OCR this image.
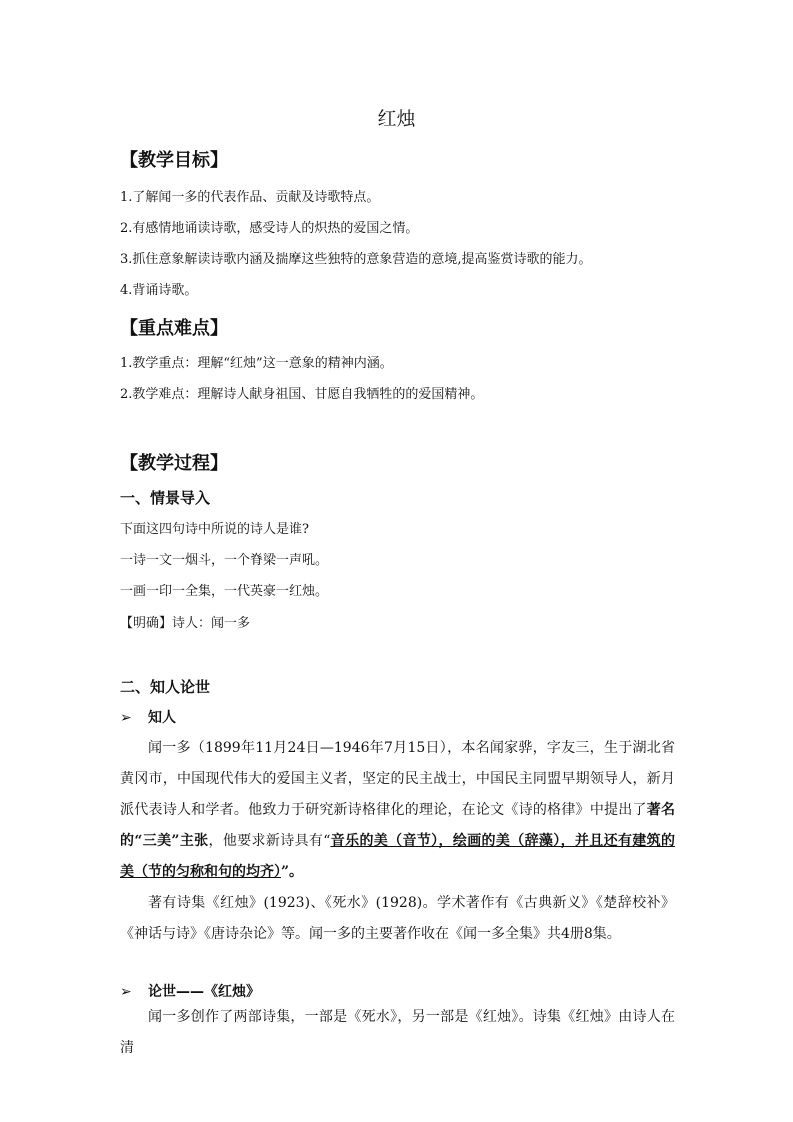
红烛
【教学目标】
1.了解闻一多的代表作品、贡献及诗歌特点。
2.有感情地诵读诗歌，感受诗人的炽热的爱国之情。
3.抓住意象解读诗歌内涵及揣摩这些独特的意象营造的意境,提高鉴赏诗歌的能力。
4.背诵诗歌。
【重点难点】
1.教学重点：理解“红烛”这一意象的精神内涵。
2.教学难点：理解诗人献身祖国、甘愿自我牺牲的的爱国精神。
【教学过程】
一、情景导入
下面这四句诗中所说的诗人是谁?
一诗一文一烟斗，一个脊梁一声吼。
一画一印一全集，一代英豪一红烛。
【明确】诗人：闻一多
二、知人论世
➢ 知人
闻一多（1899年11月24日—1946年7月15日），本名闻家骅，字友三，生于湖北省黄冈市，中国现代伟大的爱国主义者，坚定的民主战士，中国民主同盟早期领导人，新月派代表诗人和学者。他致力于研究新诗格律化的理论，在论文《诗的格律》中提出了著名的“三美”主张，他要求新诗具有“音乐的美（音节），绘画的美（辞藻），并且还有建筑的美（节的匀称和句的均齐）”。
著有诗集《红烛》(1923)、《死水》(1928)。学术著作有《古典新义》《楚辞校补》《神话与诗》《唐诗杂论》等。闻一多的主要著作收在《闻一多全集》共4册8集。
➢ 论世——《红烛》
闻一多创作了两部诗集，一部是《死水》，另一部是《红烛》。诗集《红烛》由诗人在清
